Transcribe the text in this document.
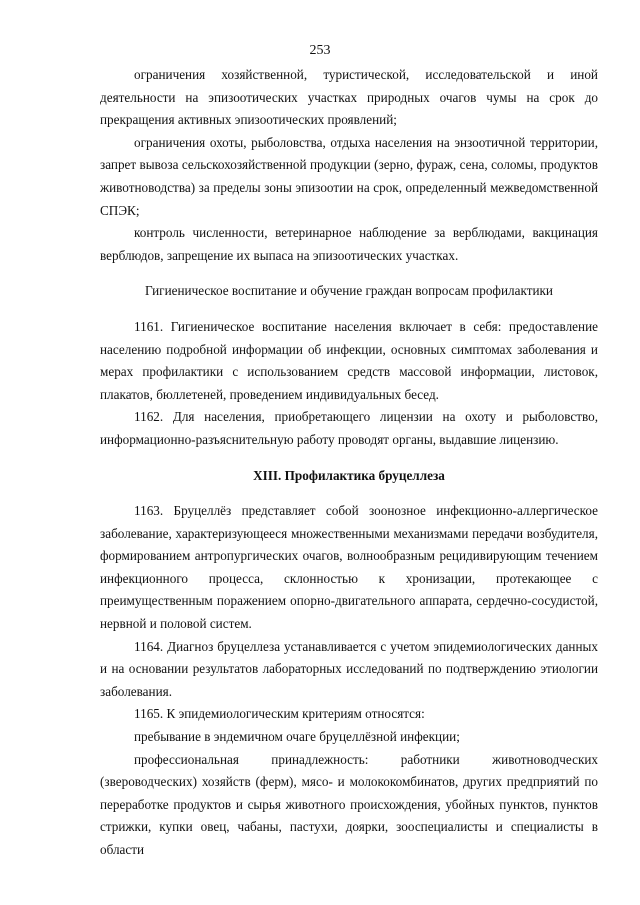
253

ограничения хозяйственной, туристической, исследовательской и иной деятельности на эпизоотических участках природных очагов чумы на срок до прекращения активных эпизоотических проявлений;

ограничения охоты, рыболовства, отдыха населения на энзоотичной территории, запрет вывоза сельскохозяйственной продукции (зерно, фураж, сена, соломы, продуктов животноводства) за пределы зоны эпизоотии на срок, определенный межведомственной СПЭК;

контроль численности, ветеринарное наблюдение за верблюдами, вакцинация верблюдов, запрещение их выпаса на эпизоотических участках.

Гигиеническое воспитание и обучение граждан вопросам профилактики

1161. Гигиеническое воспитание населения включает в себя: предоставление населению подробной информации об инфекции, основных симптомах заболевания и мерах профилактики с использованием средств массовой информации, листовок, плакатов, бюллетеней, проведением индивидуальных бесед.

1162. Для населения, приобретающего лицензии на охоту и рыболовство, информационно-разъяснительную работу проводят органы, выдавшие лицензию.

XIII. Профилактика бруцеллеза

1163. Бруцеллёз представляет собой зоонозное инфекционно-аллергическое заболевание, характеризующееся множественными механизмами передачи возбудителя, формированием антропургических очагов, волнообразным рецидивирующим течением инфекционного процесса, склонностью к хронизации, протекающее с преимущественным поражением опорно-двигательного аппарата, сердечно-сосудистой, нервной и половой систем.

1164. Диагноз бруцеллеза устанавливается с учетом эпидемиологических данных и на основании результатов лабораторных исследований по подтверждению этиологии заболевания.

1165. К эпидемиологическим критериям относятся:

пребывание в эндемичном очаге бруцеллёзной инфекции;

профессиональная принадлежность: работники животноводческих (звероводческих) хозяйств (ферм), мясо- и молококомбинатов, других предприятий по переработке продуктов и сырья животного происхождения, убойных пунктов, пунктов стрижки, купки овец, чабаны, пастухи, доярки, зооспециалисты и специалисты в области
